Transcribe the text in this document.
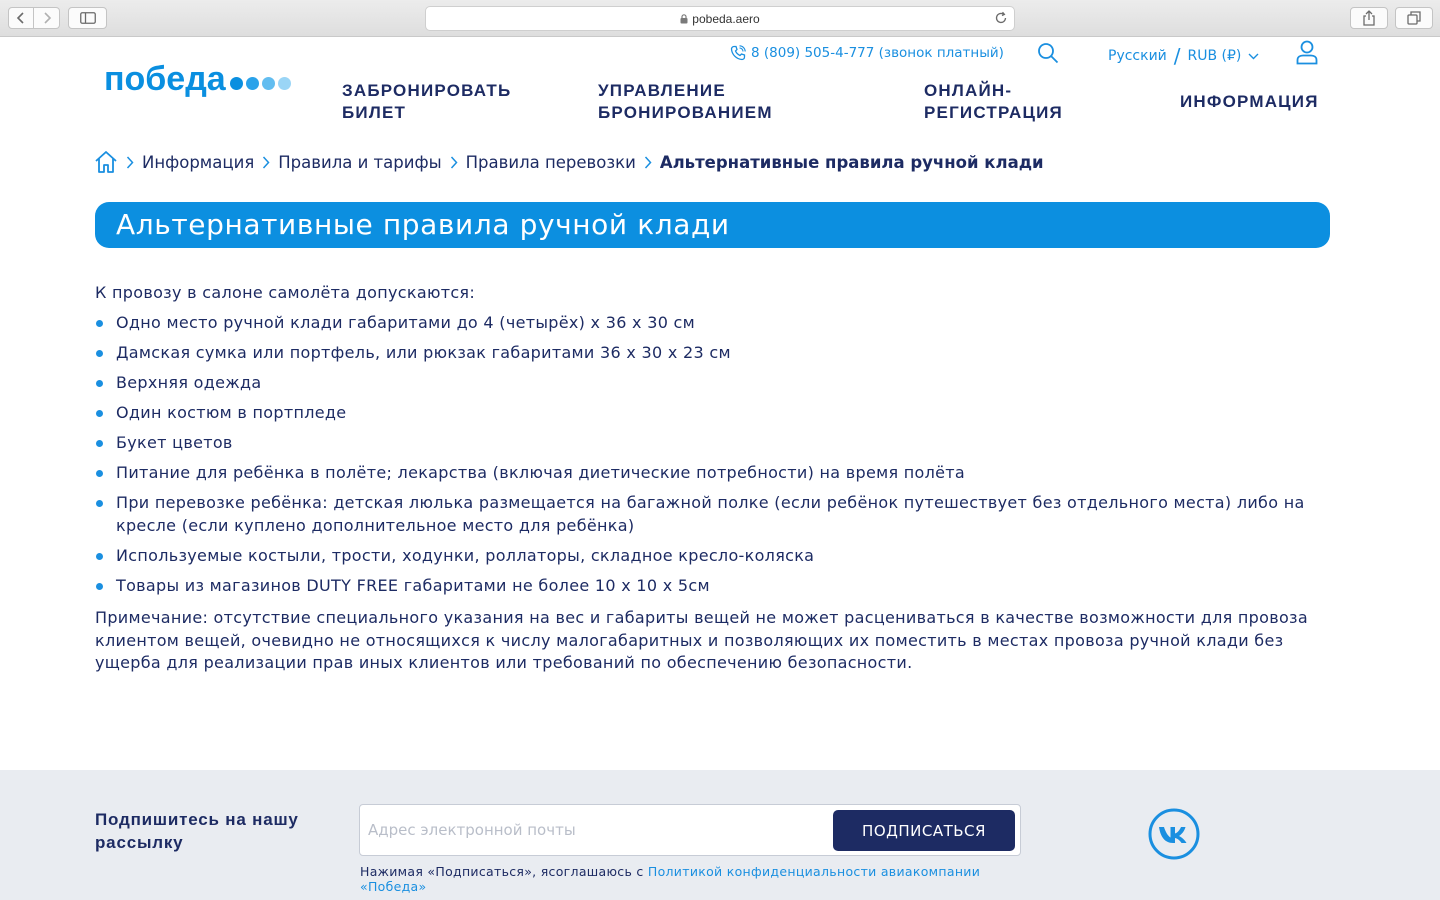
pobeda.aero
победа
8 (809) 505-4-777 (звонок платный)	Русский / RUB (₽)
ЗАБРОНИРОВАТЬ
БИЛЕТ
УПРАВЛЕНИЕ
БРОНИРОВАНИЕМ
ОНЛАЙН-
РЕГИСТРАЦИЯ
ИНФОРМАЦИЯ
Информация Правила и тарифы Правила перевозки Альтернативные правила ручной клади
Альтернативные правила ручной клади

К провозу в салоне самолёта допускаются:

Одно место ручной клади габаритами до 4 (четырёх) х 36 х 30 см
Дамская сумка или портфель, или рюкзак габаритами 36 х 30 х 23 см
Верхняя одежда
Один костюм в портпледе
Букет цветов
Питание для ребёнка в полёте; лекарства (включая диетические потребности) на время полёта
При перевозке ребёнка: детская люлька размещается на багажной полке (если ребёнок путешествует без отдельного места) либо на кресле (если куплено дополнительное место для ребёнка)
Используемые костыли, трости, ходунки, роллаторы, складное кресло-коляска
Товары из магазинов DUTY FREE габаритами не более 10 х 10 х 5см

Примечание: отсутствие специального указания на вес и габариты вещей не может расцениваться в качестве возможности для провоза клиентом вещей, очевидно не относящихся к числу малогабаритных и позволяющих их поместить в местах провоза ручной клади без ущерба для реализации прав иных клиентов или требований по обеспечению безопасности.

Подпишитесь на нашу рассылку
Адрес электронной почты
ПОДПИСАТЬСЯ
Нажимая «Подписаться», ясоглашаюсь с Политикой конфиденциальности авиакомпании «Победа»
